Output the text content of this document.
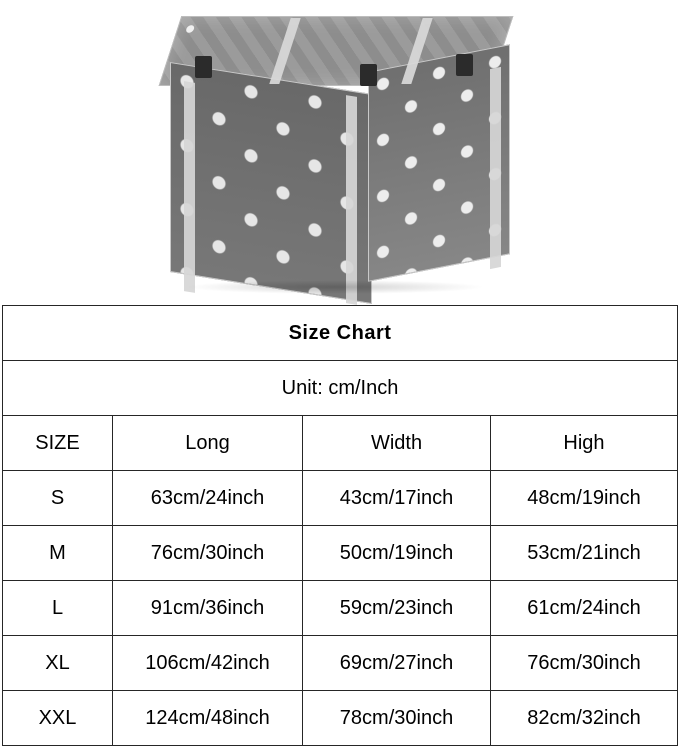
Size Chart			
Unit: cm/Inch			
SIZE	Long	Width	High
S	63cm/24inch	43cm/17inch	48cm/19inch
M	76cm/30inch	50cm/19inch	53cm/21inch
L	91cm/36inch	59cm/23inch	61cm/24inch
XL	106cm/42inch	69cm/27inch	76cm/30inch
XXL	124cm/48inch	78cm/30inch	82cm/32inch
